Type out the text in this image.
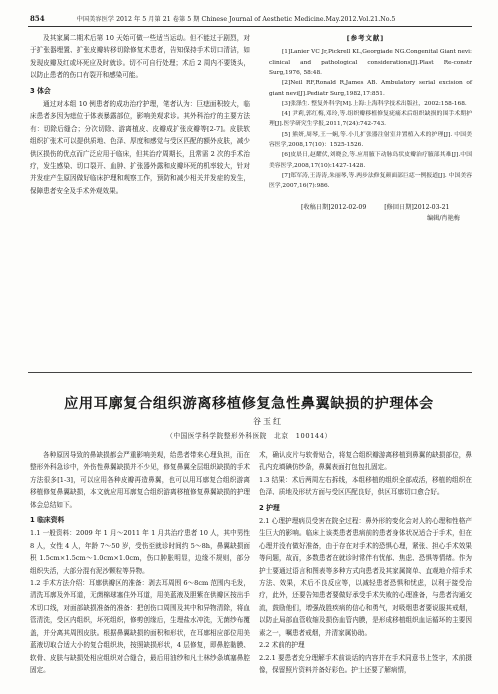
854	中国美容医学 2012 年 5 月第 21 卷第 5 期 Chinese Journal of Aesthetic Medicine.May.2012.Vol.21.No.5

及其家属二期术后第 10 天始可做一些适当运动。但不能过于剧烈，对于扩张器埋置、扩张皮瓣转移切除修复术患者，告知保持手术切口清洁，如发现皮瓣及红或坏死应及时就诊。切不可自行处理；术后 2 周内不要烫头，以防止患者的伤口有裂开和感染可能。

3 体会

通过对本组 10 例患者的成功治疗护理，笔者认为：巨痣面积较大，临床患者多因为痣位于体表暴露部位，影响美观求诊。其外科治疗的主要方法有：切除后缝合；分次切除、游离植皮、皮瓣成扩张皮瓣等[2-7]。皮肤软组织扩张术可以提供质地、色泽、厚度和感觉与受区匹配的额外皮肤，减少供区损伤的优点而广泛应用于临床，但其治疗周期长，且常需 2 次的手术治疗，发生感染、切口裂开、血肿、扩张器外露和皮瓣坏死的机率较大，针对并发症产生原因做好临床护理和观察工作，预防和减少相关并发症的发生，保障患者安全及手术外观效果。

[参考文献]

[1]Lanier VC Jr,Pickrell KL,Georgiade NG.Congenital Giant nevi: clinical and pathological considerations[J].Plast Re-constr Surg,1976, 58:48.

[2]Neil RF,Ronald R,James AB. Ambulatory serial excision of giant nevi[J].Pediatr Surg,1982,17:851.

[3]张涤生. 整复外科学[M].上海:上海科学技术出版社，2002:158-168.

[4] 尹莉,郭红梅,邓玲,等.组织瓣移植修复疣痛术后组织缺损的围手术期护理[J].医学研究生学报,2011,7(24):742-743.

[5] 熊妍,周琴,王一娴,等.小儿扩张器注射室并置植入术的护理[J]. 中国美容医学,2008,17(10)：1525-1526.

[6]皮晨日,赵耀伏,刘晓会,等.应用腋下动脉岛状皮瓣治疗腋部其难[J].中国美容医学,2008,17(10):1427-1428.

[7]郑军涛,王涛涛,朱丽琴,等.两步法修复颜面部巨痣一例报道[J]. 中国美容医学,2007,16(7):986.

[收稿日期]2012-02-09	[修回日期]2012-03-21
编辑/肖艳梅
应用耳廓复合组织游离移植修复急性鼻翼缺损的护理体会
谷玉红
（中国医学科学院整形外科医院　北京　100144）

各种原因导致的鼻缺损都会严重影响美观，给患者带来心理负担，而在整形外科急诊中，外伤性鼻翼缺损并不少见，修复鼻翼全层组织缺损的手术方法很多[1-3]，可以应用各种皮瓣再造鼻翼，也可以用耳廓复合组织游离移植修复鼻翼缺损，本文就应用耳廓复合组织游离移植修复鼻翼缺损的护理体会总结如下。

1 临床资料

1.1 一般资料：2009 年 1 月～2011 年 1 月共治疗患者 10 人，其中男性 8 人，女性 4 人，年龄 7～50 岁，受伤至就诊时间约 5～8h，鼻翼缺损面积 1.5cm×1.5cm～1.0cm×1.0cm，伤口肿胀明显，边缘不规则，部分组织失活，大部分混有泥沙颗粒等异物。

1.2 手术方法介绍：耳廓供瓣区的准备：剥去耳周围 6～8cm 范围内毛发，清洗耳廓及外耳道，无菌棉球塞住外耳道，用美蓝液及胆紫在供瓣区按出手术切口线，对面部缺损准备的准备：把创伤口周围及其中和异物清除，将血管清洗，受区内组织，坏死组织，修剪创缘后，生理盐水冲洗，无菌纱布覆盖，并分离其周围皮肤。根据鼻翼缺损的面积和形状，在耳廓相应部位用美蓝液切取合适大小的复合组织块，按照缺损形状，4 层修复，即鼻腔黏膜、软骨、皮肤与缺损处相应组织对合缝合，最后用油纱和凡士林纱条填塞鼻腔固定。

术，确认皮片与软骨贴合，将复合组织瓣游离移植到鼻翼的缺损部位，鼻孔内充填碘仿纱条，鼻翼表面打包包扎固定。

1.3 结果：术后两周左右拆线，本组移植的组织全部成活，移植的组织在色泽、质地及形状方面与受区匹配良好，供区耳廓切口愈合好。

2 护理

2.1 心理护理病员受害在院全过程：鼻外形的变化会对人的心理和性格产生巨大的影响。临床上该类患者患病前的患者身体状况适合于手术，但在心理并没有做好准备，由于存在对手术的恐惧心理，紧张、担心手术效果等问题，故而，多数患者在就诊时常伴有忧郁、焦虑、恐惧等情绪。作为护士要通过语言和图表等多种方式向患者及其家属简单、直观地介绍手术方法、效果，术后不良反应等，以减轻患者恐惧和忧虑，以利于接受治疗，此外，还要告知患者要做好承受手术失败的心理准备，与患者沟通交流，鼓励他们，增强战胜疾病的信心和勇气，对吸烟患者要说服其戒烟，以防止局部血管收缩及损伤血管内膜，是形成移植组织血运循环的主要因素之一，嘱患者戒烟，并清家属协助。

2.2 术前的护理

2.2.1 要患者充分理解手术前谈话的内容并在手术同意书上签字，术前摄像，保留照片资料并备好彩色。护士还要了解病情，
